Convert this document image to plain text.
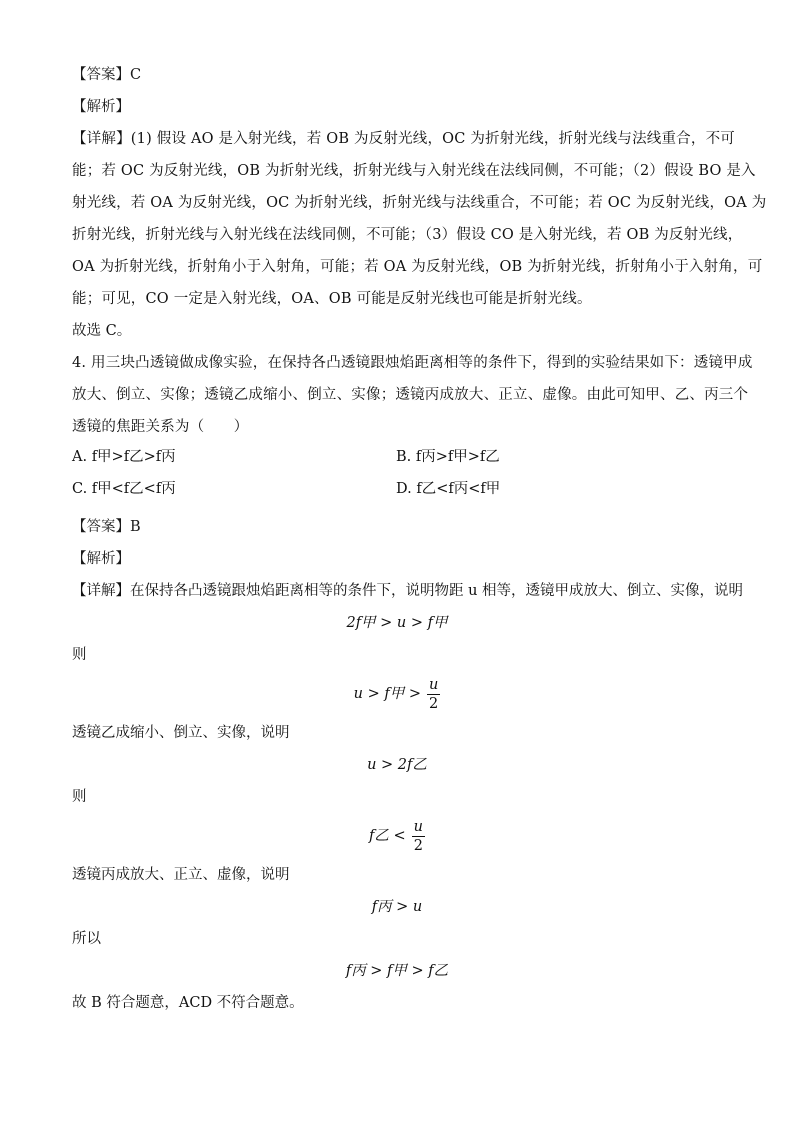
【答案】C

【解析】

【详解】(1) 假设 AO 是入射光线，若 OB 为反射光线，OC 为折射光线，折射光线与法线重合，不可

能；若 OC 为反射光线，OB 为折射光线，折射光线与入射光线在法线同侧，不可能；（2）假设 BO 是入

射光线，若 OA 为反射光线，OC 为折射光线，折射光线与法线重合，不可能；若 OC 为反射光线，OA 为

折射光线，折射光线与入射光线在法线同侧，不可能；（3）假设 CO 是入射光线，若 OB 为反射光线，

OA 为折射光线，折射角小于入射角，可能；若 OA 为反射光线，OB 为折射光线，折射角小于入射角，可

能；可见，CO 一定是入射光线，OA、OB 可能是反射光线也可能是折射光线。

故选 C。

4. 用三块凸透镜做成像实验，在保持各凸透镜跟烛焰距离相等的条件下，得到的实验结果如下：透镜甲成

放大、倒立、实像；透镜乙成缩小、倒立、实像；透镜丙成放大、正立、虚像。由此可知甲、乙、丙三个

透镜的焦距关系为（　　）

A. f甲>f乙>f丙	B. f丙>f甲>f乙
C. f甲<f乙<f丙	D. f乙<f丙<f甲

【答案】B

【解析】

【详解】在保持各凸透镜跟烛焰距离相等的条件下，说明物距 u 相等，透镜甲成放大、倒立、实像，说明

2f甲 > u > f甲

则

u > f甲 > $\frac{u}{2}$

透镜乙成缩小、倒立、实像，说明

u > 2f乙

则

f乙 < $\frac{u}{2}$

透镜丙成放大、正立、虚像，说明

f丙 > u

所以

f丙 > f甲 > f乙

故 B 符合题意，ACD 不符合题意。
